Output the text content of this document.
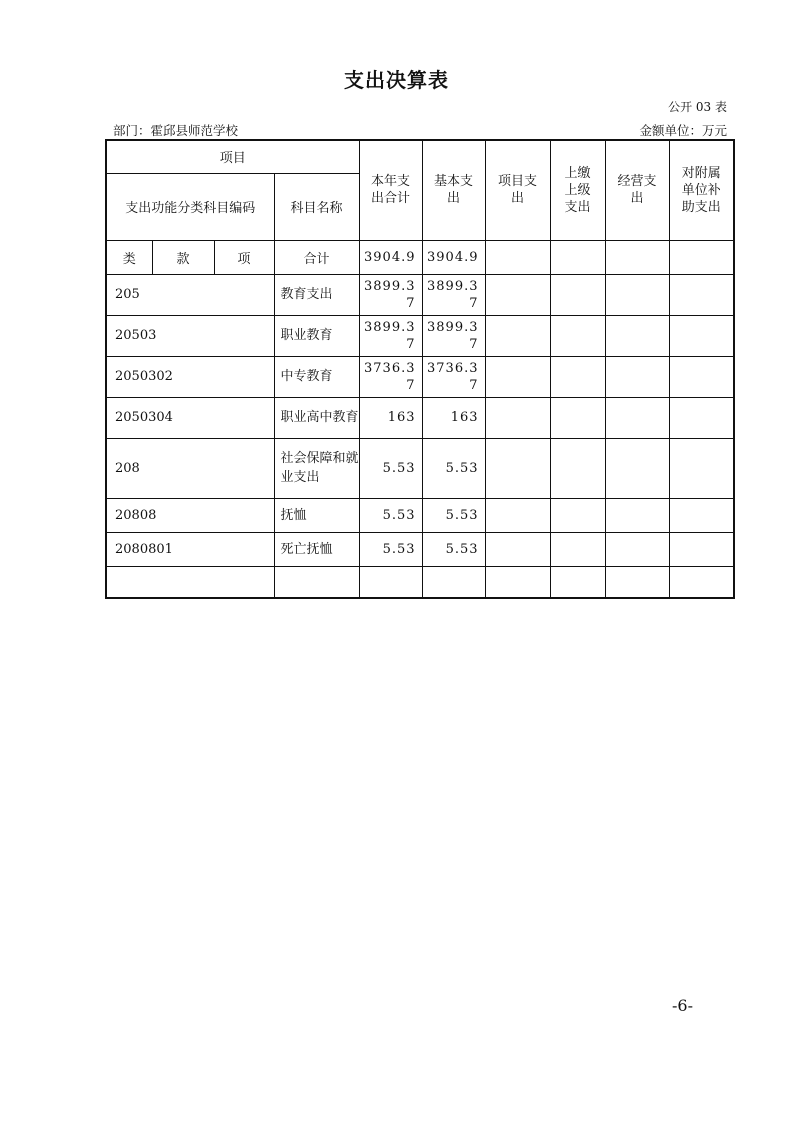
支出决算表
公开 03 表
部门：霍邱县师范学校	金额单位：万元
项目				本年支出合计	基本支出	项目支出	上缴上级支出	经营支出	对附属单位补助支出

支出功能分类科目编码			科目名称						

类	款	项	合计	3904.9	3904.9				
205			教育支出	3899.37	3899.37				
20503			职业教育	3899.37	3899.37				
2050302			中专教育	3736.37	3736.37				
2050304			职业高中教育	163	163				
208			社会保障和就业支出	5.53	5.53				
20808			抚恤	5.53	5.53				
2080801			死亡抚恤	5.53	5.53				

-6-
